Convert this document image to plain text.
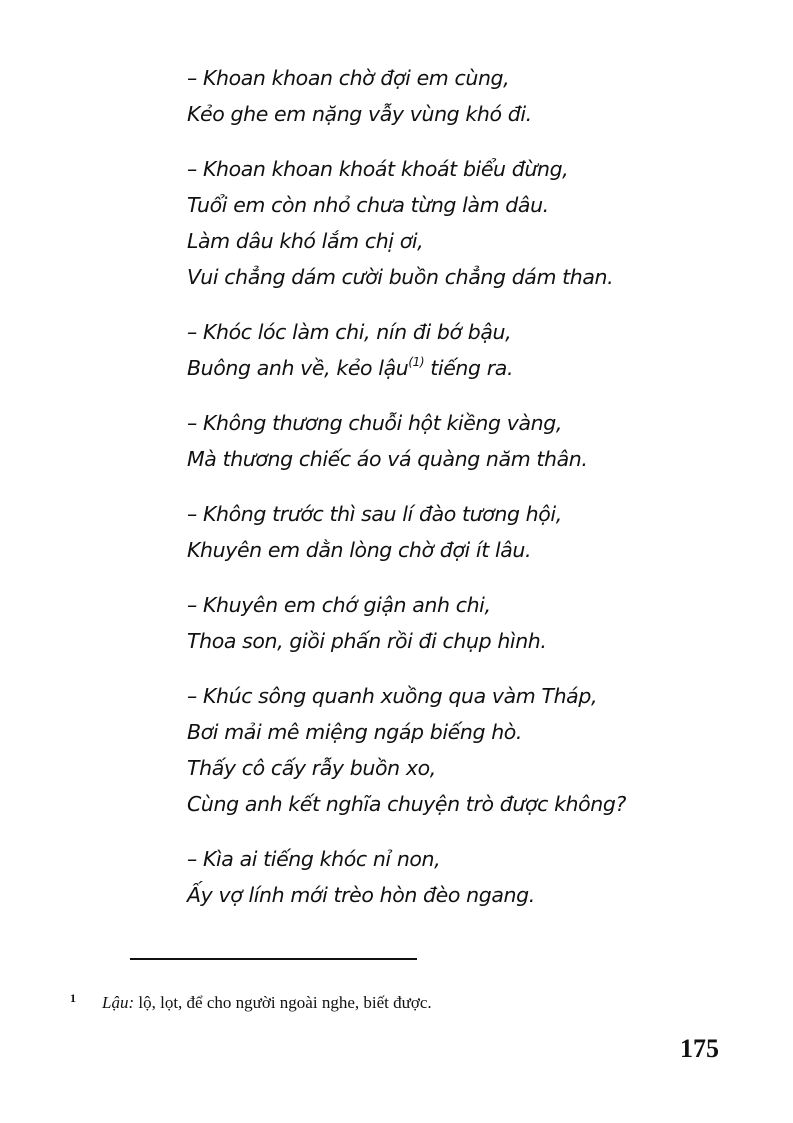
– Khoan khoan chờ đợi em cùng,
Kẻo ghe em nặng vẫy vùng khó đi.
– Khoan khoan khoát khoát biểu đừng,
Tuổi em còn nhỏ chưa từng làm dâu.
Làm dâu khó lắm chị ơi,
Vui chẳng dám cười buồn chẳng dám than.
– Khóc lóc làm chi, nín đi bớ bậu,
Buông anh về, kẻo lậu$^{(1)}$ tiếng ra.
– Không thương chuỗi hột kiềng vàng,
Mà thương chiếc áo vá quàng năm thân.
– Không trước thì sau lí đào tương hội,
Khuyên em dằn lòng chờ đợi ít lâu.
– Khuyên em chớ giận anh chi,
Thoa son, giồi phấn rồi đi chụp hình.
– Khúc sông quanh xuồng qua vàm Tháp,
Bơi mải mê miệng ngáp biếng hò.
Thấy cô cấy rẫy buồn xo,
Cùng anh kết nghĩa chuyện trò được không?
– Kìa ai tiếng khóc nỉ non,
Ấy vợ lính mới trèo hòn đèo ngang.
1 Lậu: lộ, lọt, để cho người ngoài nghe, biết được.
175
